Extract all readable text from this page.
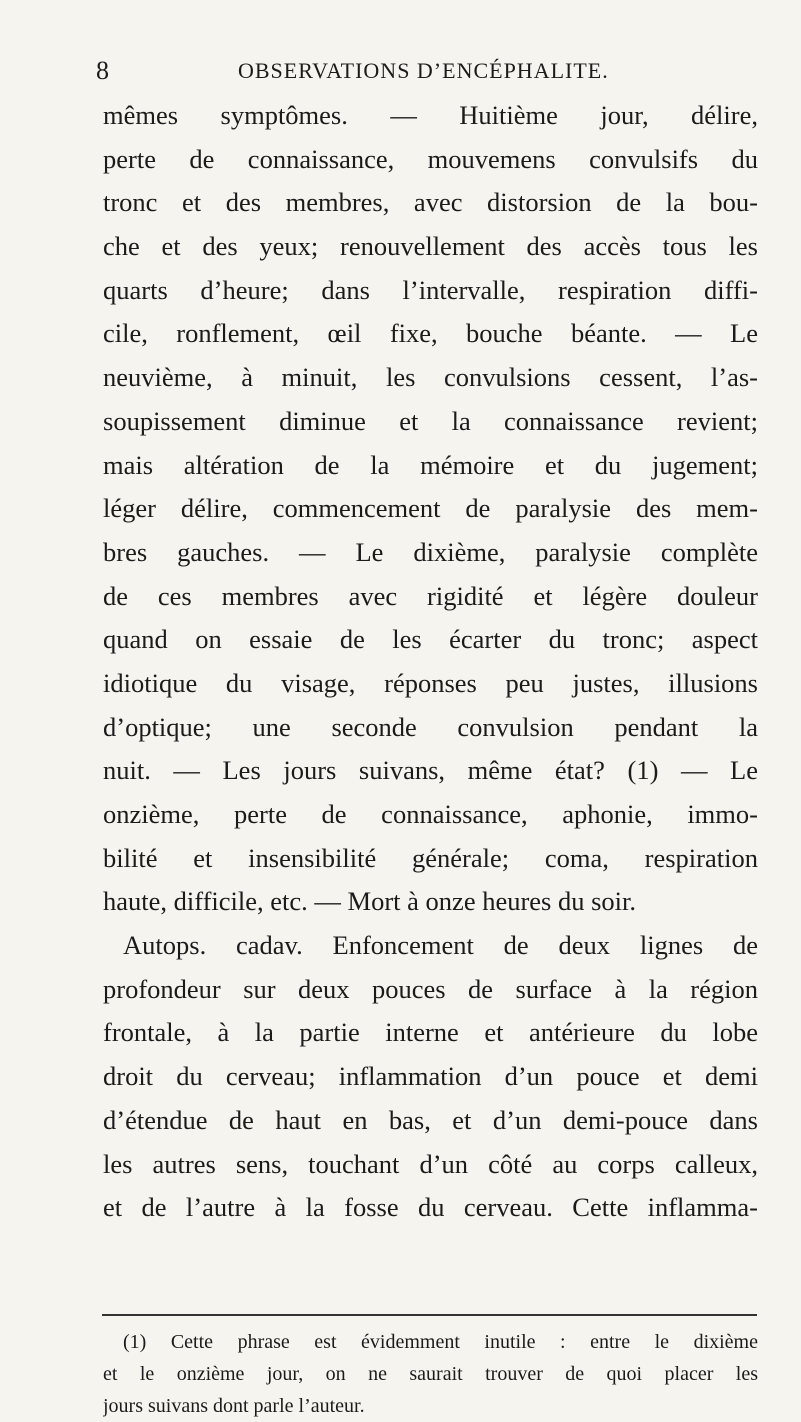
8	OBSERVATIONS D’ENCÉPHALITE.
mêmes symptômes. — Huitième jour, délire,
perte de connaissance, mouvemens convulsifs du
tronc et des membres, avec distorsion de la bou-
che et des yeux; renouvellement des accès tous les
quarts d’heure; dans l’intervalle, respiration diffi-
cile, ronflement, œil fixe, bouche béante. — Le
neuvième, à minuit, les convulsions cessent, l’as-
soupissement diminue et la connaissance revient;
mais altération de la mémoire et du jugement;
léger délire, commencement de paralysie des mem-
bres gauches. — Le dixième, paralysie complète
de ces membres avec rigidité et légère douleur
quand on essaie de les écarter du tronc; aspect
idiotique du visage, réponses peu justes, illusions
d’optique; une seconde convulsion pendant la
nuit. — Les jours suivans, même état? (1) — Le
onzième, perte de connaissance, aphonie, immo-
bilité et insensibilité générale; coma, respiration
haute, difficile, etc. — Mort à onze heures du soir.
Autops. cadav. Enfoncement de deux lignes de
profondeur sur deux pouces de surface à la région
frontale, à la partie interne et antérieure du lobe
droit du cerveau; inflammation d’un pouce et demi
d’étendue de haut en bas, et d’un demi-pouce dans
les autres sens, touchant d’un côté au corps calleux,
et de l’autre à la fosse du cerveau. Cette inflamma-
(1) Cette phrase est évidemment inutile : entre le dixième
et le onzième jour, on ne saurait trouver de quoi placer les
jours suivans dont parle l’auteur.
